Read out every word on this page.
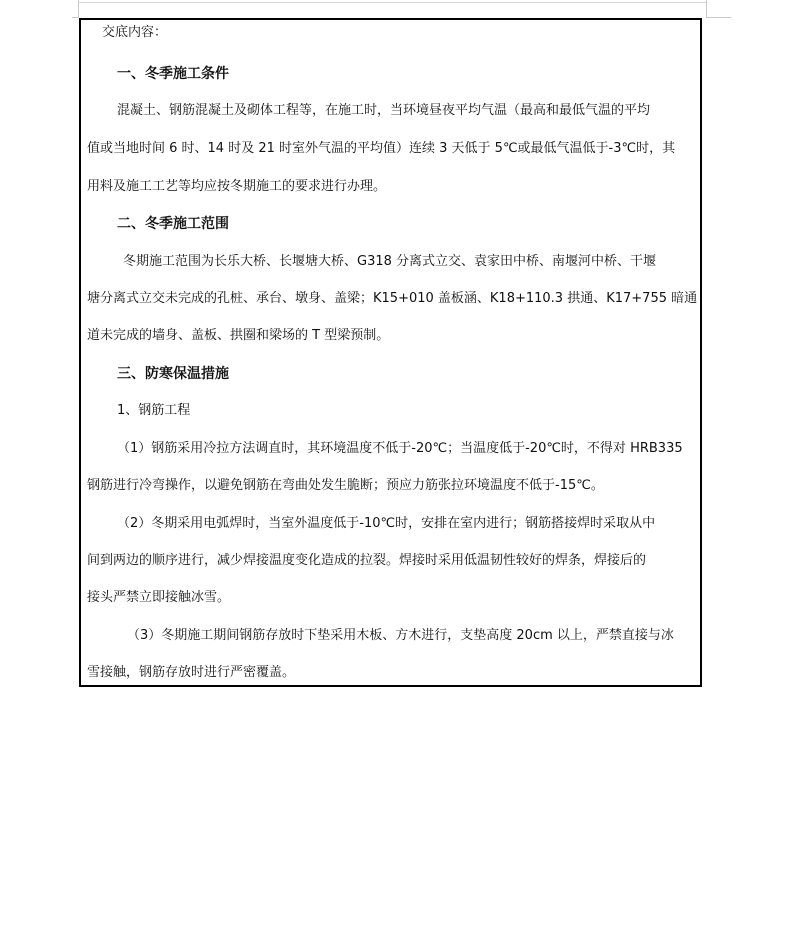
交底内容：
一、冬季施工条件
混凝土、钢筋混凝土及砌体工程等，在施工时，当环境昼夜平均气温（最高和最低气温的平均
值或当地时间 6 时、14 时及 21 时室外气温的平均值）连续 3 天低于 5℃或最低气温低于-3℃时，其
用料及施工工艺等均应按冬期施工的要求进行办理。
二、冬季施工范围
冬期施工范围为长乐大桥、长堰塘大桥、G318 分离式立交、袁家田中桥、南堰河中桥、干堰
塘分离式立交未完成的孔桩、承台、墩身、盖梁；K15+010 盖板涵、K18+110.3 拱通、K17+755 暗通
道未完成的墙身、盖板、拱圈和梁场的 T 型梁预制。
三、防寒保温措施
1、钢筋工程
（1）钢筋采用冷拉方法调直时，其环境温度不低于-20℃；当温度低于-20℃时，不得对 HRB335
钢筋进行冷弯操作，以避免钢筋在弯曲处发生脆断；预应力筋张拉环境温度不低于-15℃。
（2）冬期采用电弧焊时，当室外温度低于-10℃时，安排在室内进行；钢筋搭接焊时采取从中
间到两边的顺序进行，减少焊接温度变化造成的拉裂。焊接时采用低温韧性较好的焊条，焊接后的
接头严禁立即接触冰雪。
（3）冬期施工期间钢筋存放时下垫采用木板、方木进行，支垫高度 20cm 以上，严禁直接与冰
雪接触，钢筋存放时进行严密覆盖。
